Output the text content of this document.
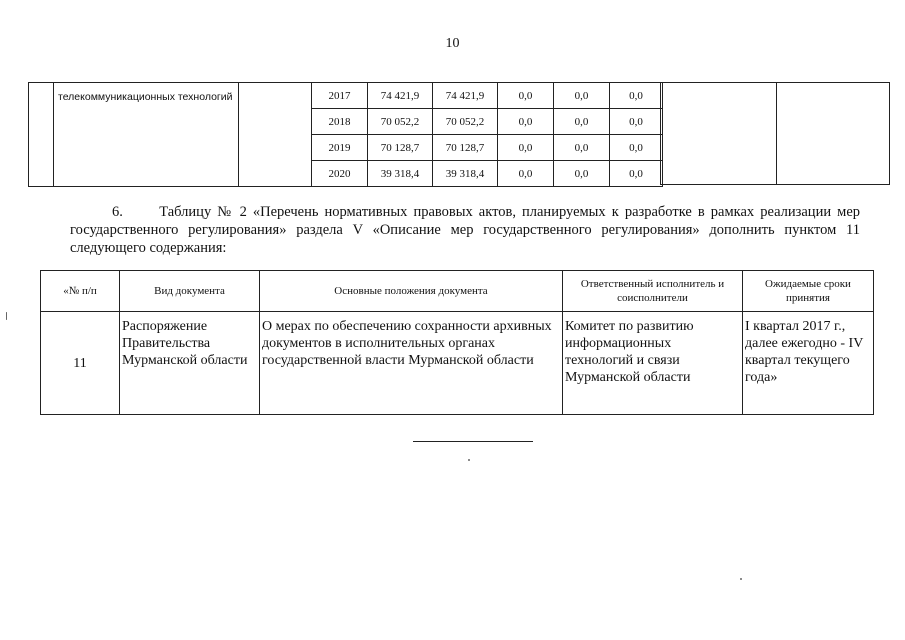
10
	телекоммуникационных технологий		2017	74 421,9	74 421,9	0,0	0,0	0,0
			2018	70 052,2	70 052,2	0,0	0,0	0,0
			2019	70 128,7	70 128,7	0,0	0,0	0,0
			2020	39 318,4	39 318,4	0,0	0,0	0,0
6.	Таблицу № 2 «Перечень нормативных правовых актов, планируемых к разработке в рамках реализации мер государственного регулирования» раздела V «Описание мер государственного регулирования» дополнить пунктом 11 следующего содержания:
«№ п/п	Вид документа	Основные положения документа	Ответственный исполнитель и соисполнители	Ожидаемые сроки принятия
11	Распоряжение Правительства Мурманской области	О мерах по обеспечению сохранности архивных документов в исполнительных органах государственной власти Мурманской области	Комитет по развитию информационных технологий и связи Мурманской области	I квартал 2017 г., далее ежегодно - IV квартал текущего года»
